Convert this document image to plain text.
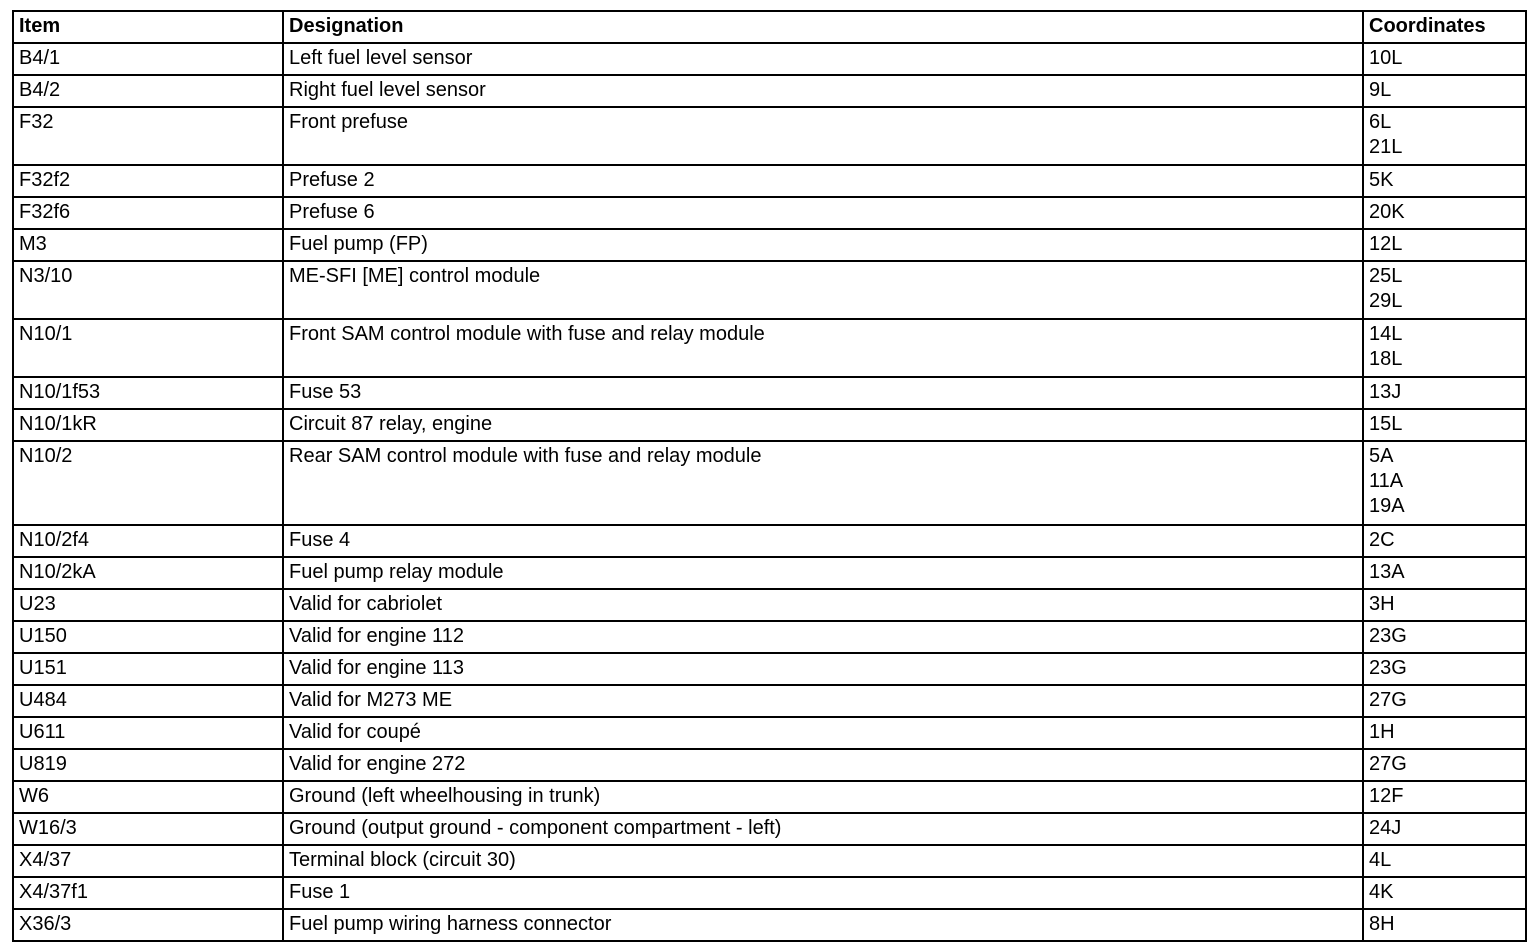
Item	Designation	Coordinates
B4/1	Left fuel level sensor	10L

B4/2	Right fuel level sensor	9L

F32	Front prefuse	6L
21L

F32f2	Prefuse 2	5K

F32f6	Prefuse 6	20K

M3	Fuel pump (FP)	12L

N3/10	ME-SFI [ME] control module	25L
29L

N10/1	Front SAM control module with fuse and relay module	14L
18L

N10/1f53	Fuse 53	13J

N10/1kR	Circuit 87 relay, engine	15L

N10/2	Rear SAM control module with fuse and relay module	5A
11A
19A

N10/2f4	Fuse 4	2C

N10/2kA	Fuel pump relay module	13A

U23	Valid for cabriolet	3H

U150	Valid for engine 112	23G

U151	Valid for engine 113	23G

U484	Valid for M273 ME	27G

U611	Valid for coupé	1H

U819	Valid for engine 272	27G

W6	Ground (left wheelhousing in trunk)	12F

W16/3	Ground (output ground - component compartment - left)	24J

X4/37	Terminal block (circuit 30)	4L

X4/37f1	Fuse 1	4K

X36/3	Fuel pump wiring harness connector	8H
